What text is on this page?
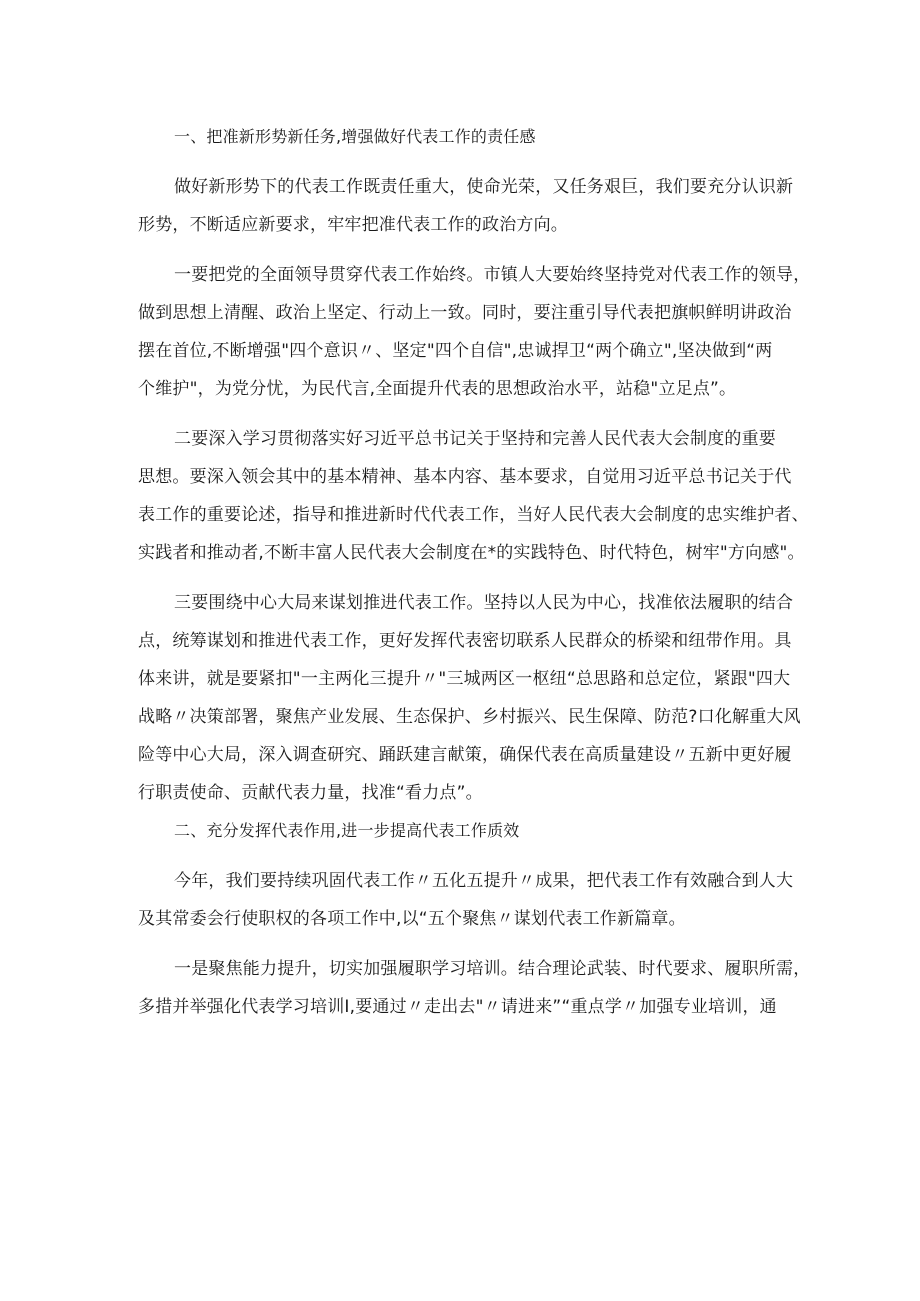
一、把准新形势新任务,增强做好代表工作的责任感
做好新形势下的代表工作既责任重大，使命光荣，又任务艰巨，我们要充分认识新
形势，不断适应新要求，牢牢把准代表工作的政治方向。
一要把党的全面领导贯穿代表工作始终。市镇人大要始终坚持党对代表工作的领导，
做到思想上清醒、政治上坚定、行动上一致。同时，要注重引导代表把旗帜鲜明讲政治
摆在首位,不断增强"四个意识〃、坚定"四个自信",忠诚捍卫“两个确立",坚决做到“两
个维护"，为党分忧，为民代言,全面提升代表的思想政治水平，站稳"立足点”。
二要深入学习贯彻落实好习近平总书记关于坚持和完善人民代表大会制度的重要
思想。要深入领会其中的基本精神、基本内容、基本要求，自觉用习近平总书记关于代
表工作的重要论述，指导和推进新时代代表工作，当好人民代表大会制度的忠实维护者、
实践者和推动者,不断丰富人民代表大会制度在*的实践特色、时代特色，树牢"方向感"。
三要围绕中心大局来谋划推进代表工作。坚持以人民为中心，找准依法履职的结合
点，统筹谋划和推进代表工作，更好发挥代表密切联系人民群众的桥梁和纽带作用。具
体来讲，就是要紧扣"一主两化三提升〃"三城两区一枢纽“总思路和总定位，紧跟"四大
战略〃决策部署，聚焦产业发展、生态保护、乡村振兴、民生保障、防范?口化解重大风
险等中心大局，深入调查研究、踊跃建言献策，确保代表在高质量建设〃五新中更好履
行职责使命、贡献代表力量，找准“看力点”。
二、充分发挥代表作用,进一步提高代表工作质效
今年，我们要持续巩固代表工作〃五化五提升〃成果，把代表工作有效融合到人大
及其常委会行使职权的各项工作中,以“五个聚焦〃谋划代表工作新篇章。
一是聚焦能力提升，切实加强履职学习培训。结合理论武装、时代要求、履职所需，
多措并举强化代表学习培训Ⅰ,要通过〃走出去"〃请进来”“重点学〃加强专业培训，通
